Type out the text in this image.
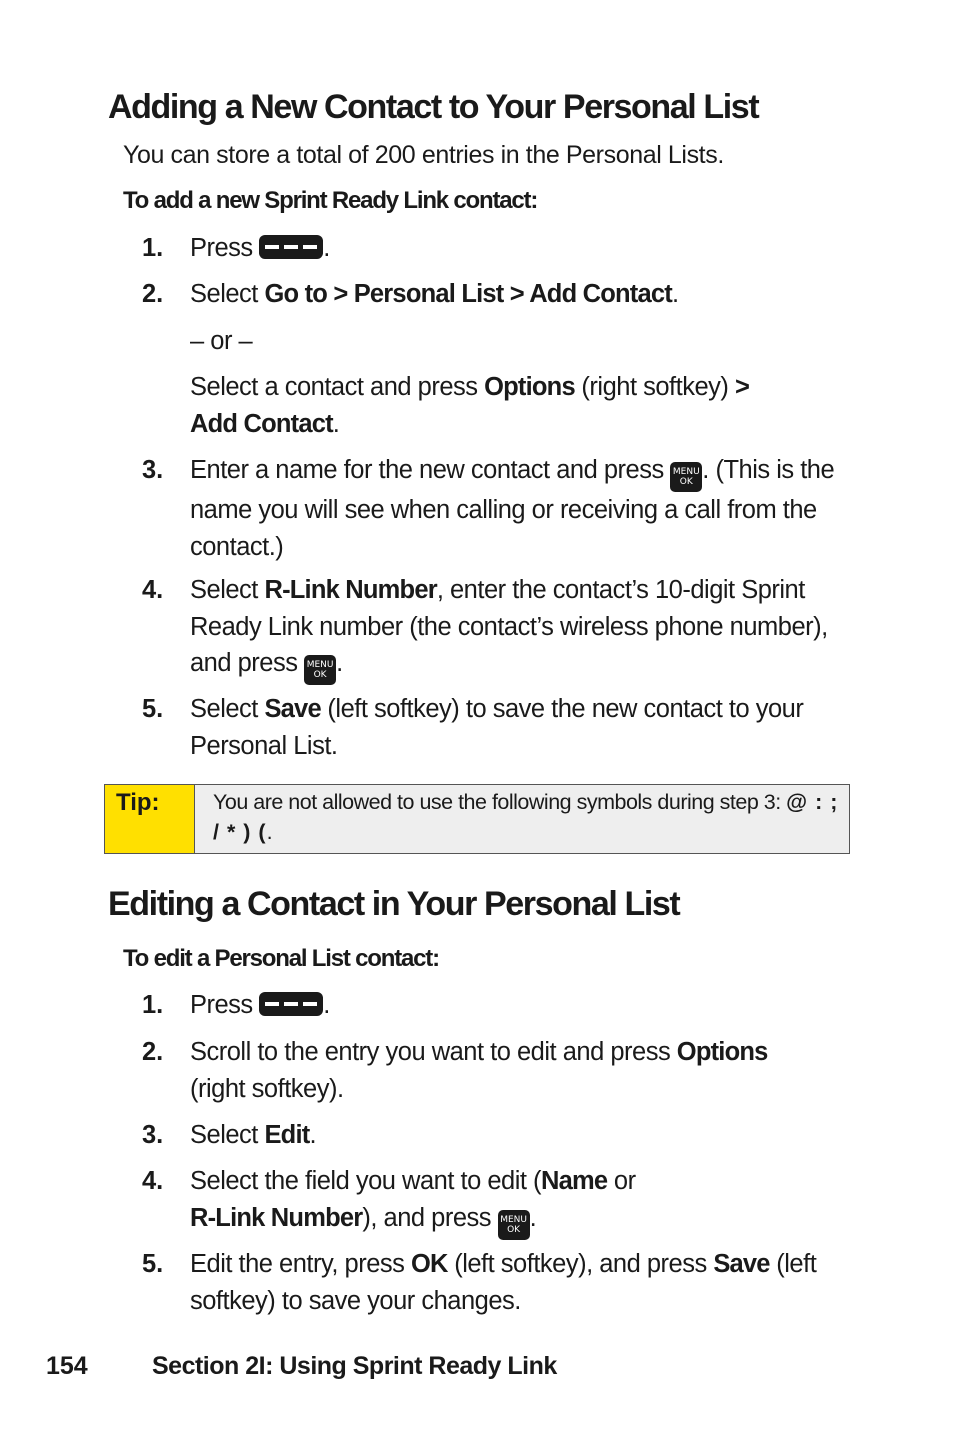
Adding a New Contact to Your Personal List
You can store a total of 200 entries in the Personal Lists.
To add a new Sprint Ready Link contact:
1. Press	.
2. Select Go to > Personal List > Add Contact.
– or –
Select a contact and press Options (right softkey) >
Add Contact.
3. Enter a name for the new contact and press MENU
OK . (This is the name you will see when calling or receiving a call from the contact.)
4. Select R-Link Number, enter the contact’s 10-digit Sprint Ready Link number (the contact’s wireless phone number), and press MENU
OK .
5. Select Save (left softkey) to save the new contact to your Personal List.
Tip:	You are not allowed to use the following symbols during step 3: @ : ; / * ) (.
Editing a Contact in Your Personal List
To edit a Personal List contact:
1. Press	.
2. Scroll to the entry you want to edit and press Options
(right softkey).
3. Select Edit.
4. Select the field you want to edit (Name or
R-Link Number), and press MENU
OK .
5. Edit the entry, press OK (left softkey), and press Save (left softkey) to save your changes.
154	Section 2I: Using Sprint Ready Link
